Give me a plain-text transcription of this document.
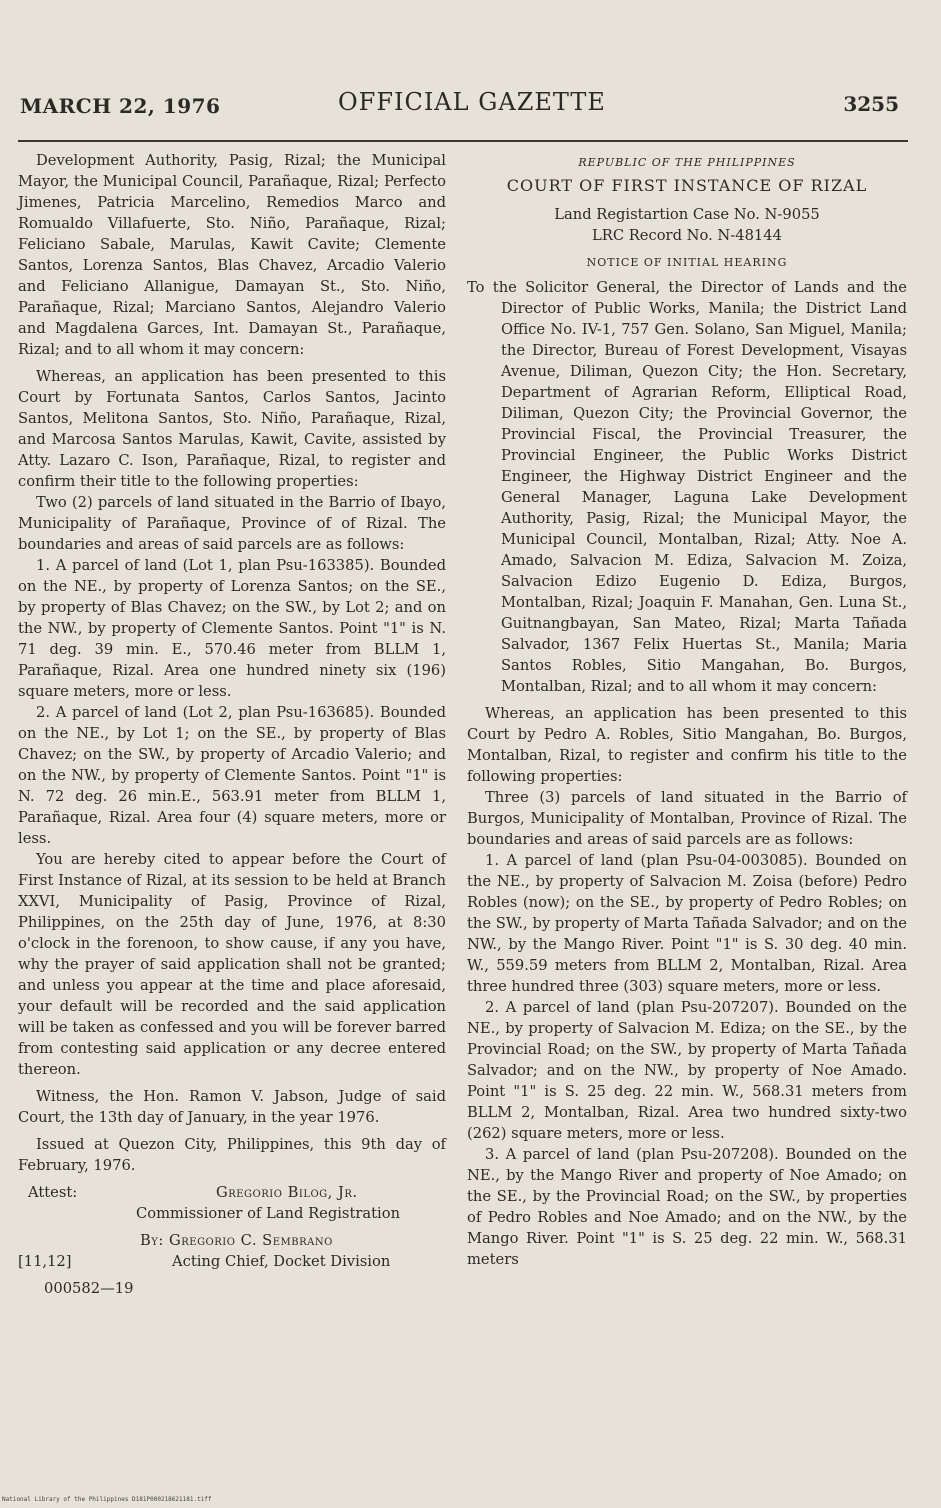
MARCH 22, 1976	OFFICIAL GAZETTE	3255

Development Authority, Pasig, Rizal; the Municipal Mayor, the Municipal Council, Parañaque, Rizal; Perfecto Jimenes, Patricia Marcelino, Remedios Marco and Romualdo Villafuerte, Sto. Niño, Parañaque, Rizal; Feliciano Sabale, Marulas, Kawit Cavite; Clemente Santos, Lorenza Santos, Blas Chavez, Arcadio Valerio and Feliciano Allanigue, Damayan St., Sto. Niño, Parañaque, Rizal; Marciano Santos, Alejandro Valerio and Magdalena Garces, Int. Damayan St., Parañaque, Rizal; and to all whom it may concern:

Whereas, an application has been presented to this Court by Fortunata Santos, Carlos Santos, Jacinto Santos, Melitona Santos, Sto. Niño, Parañaque, Rizal, and Marcosa Santos Marulas, Kawit, Cavite, assisted by Atty. Lazaro C. Ison, Parañaque, Rizal, to register and confirm their title to the following properties:

Two (2) parcels of land situated in the Barrio of Ibayo, Municipality of Parañaque, Province of of Rizal. The boundaries and areas of said parcels are as follows:

1. A parcel of land (Lot 1, plan Psu-163385). Bounded on the NE., by property of Lorenza Santos; on the SE., by property of Blas Chavez; on the SW., by Lot 2; and on the NW., by property of Clemente Santos. Point "1" is N. 71 deg. 39 min. E., 570.46 meter from BLLM 1, Parañaque, Rizal. Area one hundred ninety six (196) square meters, more or less.

2. A parcel of land (Lot 2, plan Psu-163685). Bounded on the NE., by Lot 1; on the SE., by property of Blas Chavez; on the SW., by property of Arcadio Valerio; and on the NW., by property of Clemente Santos. Point "1" is N. 72 deg. 26 min.E., 563.91 meter from BLLM 1, Parañaque, Rizal. Area four (4) square meters, more or less.

You are hereby cited to appear before the Court of First Instance of Rizal, at its session to be held at Branch XXVI, Municipality of Pasig, Province of Rizal, Philippines, on the 25th day of June, 1976, at 8:30 o'clock in the forenoon, to show cause, if any you have, why the prayer of said application shall not be granted; and unless you appear at the time and place aforesaid, your default will be recorded and the said application will be taken as confessed and you will be forever barred from contesting said application or any decree entered thereon.

Witness, the Hon. Ramon V. Jabson, Judge of said Court, the 13th day of January, in the year 1976.

Issued at Quezon City, Philippines, this 9th day of February, 1976.

Attest:	Gregorio Bilog, Jr.
Commissioner of Land Registration
By: Gregorio C. Sembrano
[11,12]	Acting Chief, Docket Division
000582—19

REPUBLIC OF THE PHILIPPINES

COURT OF FIRST INSTANCE OF RIZAL

Land Registartion Case No. N-9055

LRC Record No. N-48144

NOTICE OF INITIAL HEARING

To the Solicitor General, the Director of Lands and the Director of Public Works, Manila; the District Land Office No. IV-1, 757 Gen. Solano, San Miguel, Manila; the Director, Bureau of Forest Development, Visayas Avenue, Diliman, Quezon City; the Hon. Secretary, Department of Agrarian Reform, Elliptical Road, Diliman, Quezon City; the Provincial Governor, the Provincial Fiscal, the Provincial Treasurer, the Provincial Engineer, the Public Works District Engineer, the Highway District Engineer and the General Manager, Laguna Lake Development Authority, Pasig, Rizal; the Municipal Mayor, the Municipal Council, Montalban, Rizal; Atty. Noe A. Amado, Salvacion M. Ediza, Salvacion M. Zoiza, Salvacion Edizo Eugenio D. Ediza, Burgos, Montalban, Rizal; Joaquin F. Manahan, Gen. Luna St., Guitnangbayan, San Mateo, Rizal; Marta Tañada Salvador, 1367 Felix Huertas St., Manila; Maria Santos Robles, Sitio Mangahan, Bo. Burgos, Montalban, Rizal; and to all whom it may concern:

Whereas, an application has been presented to this Court by Pedro A. Robles, Sitio Mangahan, Bo. Burgos, Montalban, Rizal, to register and confirm his title to the following properties:

Three (3) parcels of land situated in the Barrio of Burgos, Municipality of Montalban, Province of Rizal. The boundaries and areas of said parcels are as follows:

1. A parcel of land (plan Psu-04-003085). Bounded on the NE., by property of Salvacion M. Zoisa (before) Pedro Robles (now); on the SE., by property of Pedro Robles; on the SW., by property of Marta Tañada Salvador; and on the NW., by the Mango River. Point "1" is S. 30 deg. 40 min. W., 559.59 meters from BLLM 2, Montalban, Rizal. Area three hundred three (303) square meters, more or less.

2. A parcel of land (plan Psu-207207). Bounded on the NE., by property of Salvacion M. Ediza; on the SE., by the Provincial Road; on the SW., by property of Marta Tañada Salvador; and on the NW., by property of Noe Amado. Point "1" is S. 25 deg. 22 min. W., 568.31 meters from BLLM 2, Montalban, Rizal. Area two hundred sixty-two (262) square meters, more or less.

3. A parcel of land (plan Psu-207208). Bounded on the NE., by the Mango River and property of Noe Amado; on the SE., by the Provincial Road; on the SW., by properties of Pedro Robles and Noe Amado; and on the NW., by the Mango River. Point "1" is S. 25 deg. 22 min. W., 568.31 meters

National Library of the Philippines D181P000218621181.tiff
